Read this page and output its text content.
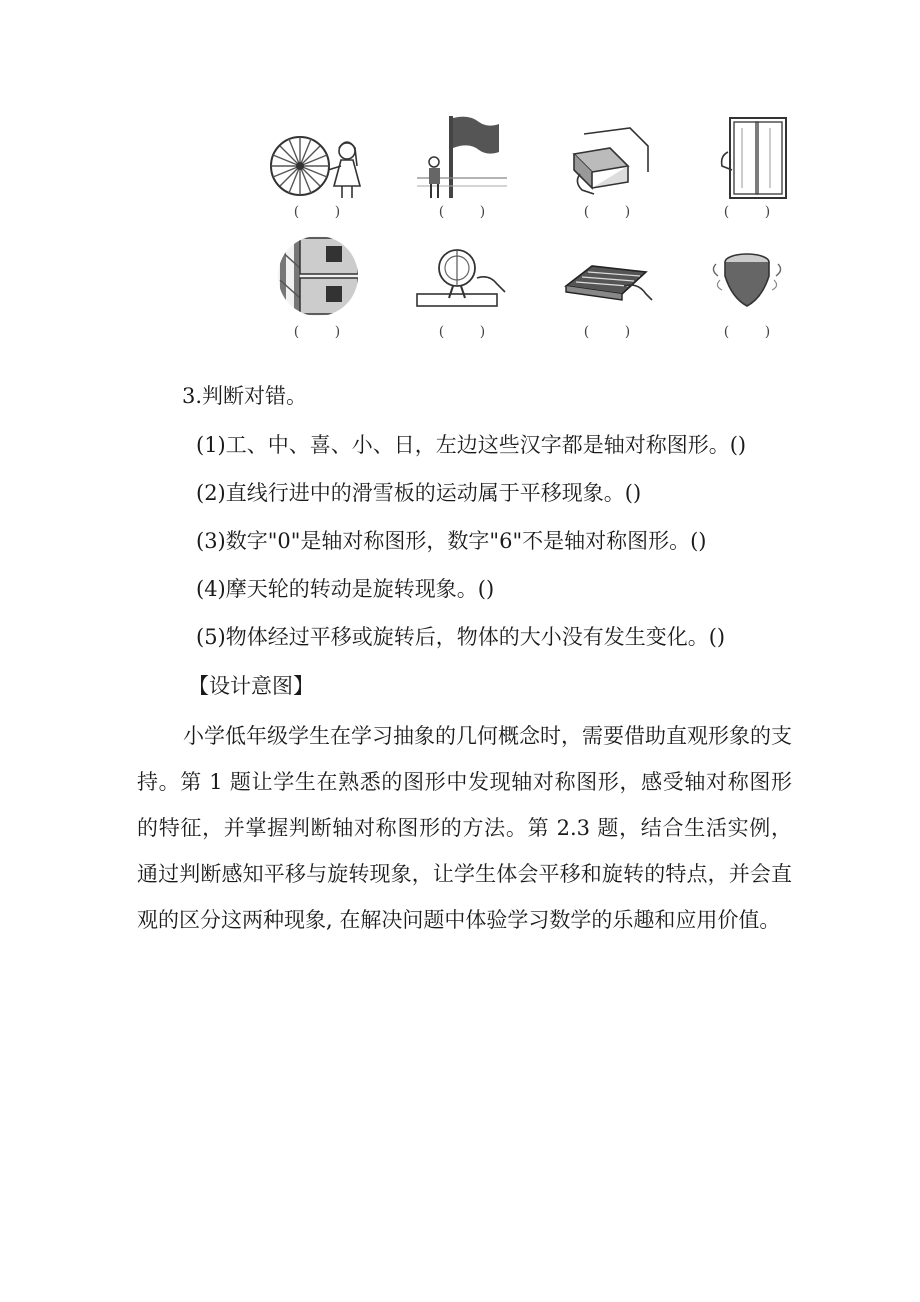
(        )	(        )	(        )	(        )
(        )	(        )	(        )	(        )
3.判断对错。
(1)工、中、喜、小、日，左边这些汉字都是轴对称图形。()
(2)直线行进中的滑雪板的运动属于平移现象。()
(3)数字"0"是轴对称图形，数字"6"不是轴对称图形。()
(4)摩天轮的转动是旋转现象。()
(5)物体经过平移或旋转后，物体的大小没有发生变化。()
【设计意图】
小学低年级学生在学习抽象的几何概念时，需要借助直观形象的支持。第 1 题让学生在熟悉的图形中发现轴对称图形，感受轴对称图形的特征，并掌握判断轴对称图形的方法。第 2.3 题，结合生活实例，通过判断感知平移与旋转现象，让学生体会平移和旋转的特点，并会直观的区分这两种现象, 在解决问题中体验学习数学的乐趣和应用价值。
